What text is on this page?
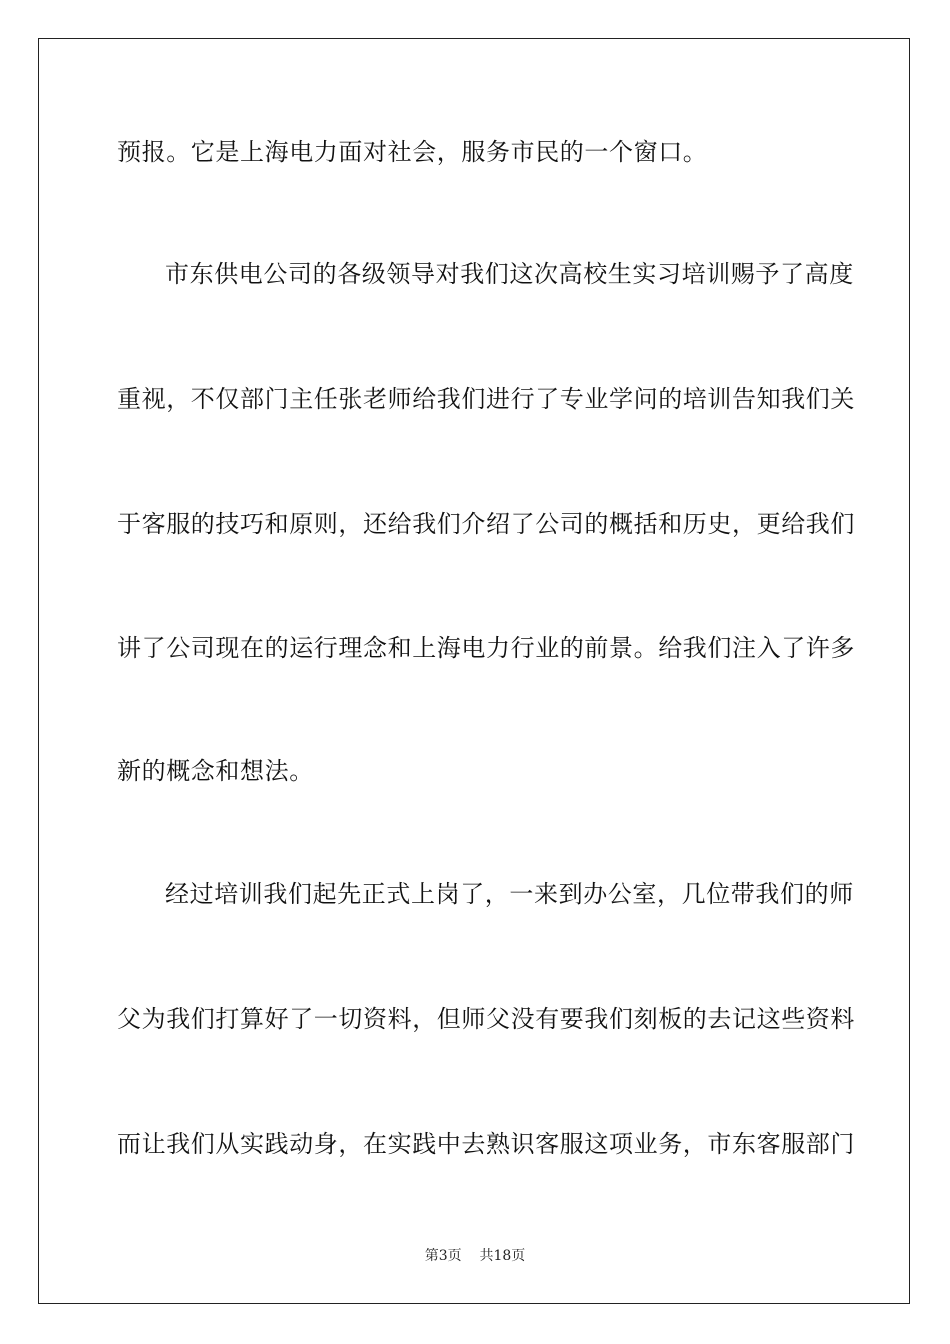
预报。它是上海电力面对社会，服务市民的一个窗口。
市东供电公司的各级领导对我们这次高校生实习培训赐予了高度
重视，不仅部门主任张老师给我们进行了专业学问的培训告知我们关
于客服的技巧和原则，还给我们介绍了公司的概括和历史，更给我们
讲了公司现在的运行理念和上海电力行业的前景。给我们注入了许多
新的概念和想法。
经过培训我们起先正式上岗了，一来到办公室，几位带我们的师
父为我们打算好了一切资料，但师父没有要我们刻板的去记这些资料
而让我们从实践动身，在实践中去熟识客服这项业务，市东客服部门
第3页 共18页
